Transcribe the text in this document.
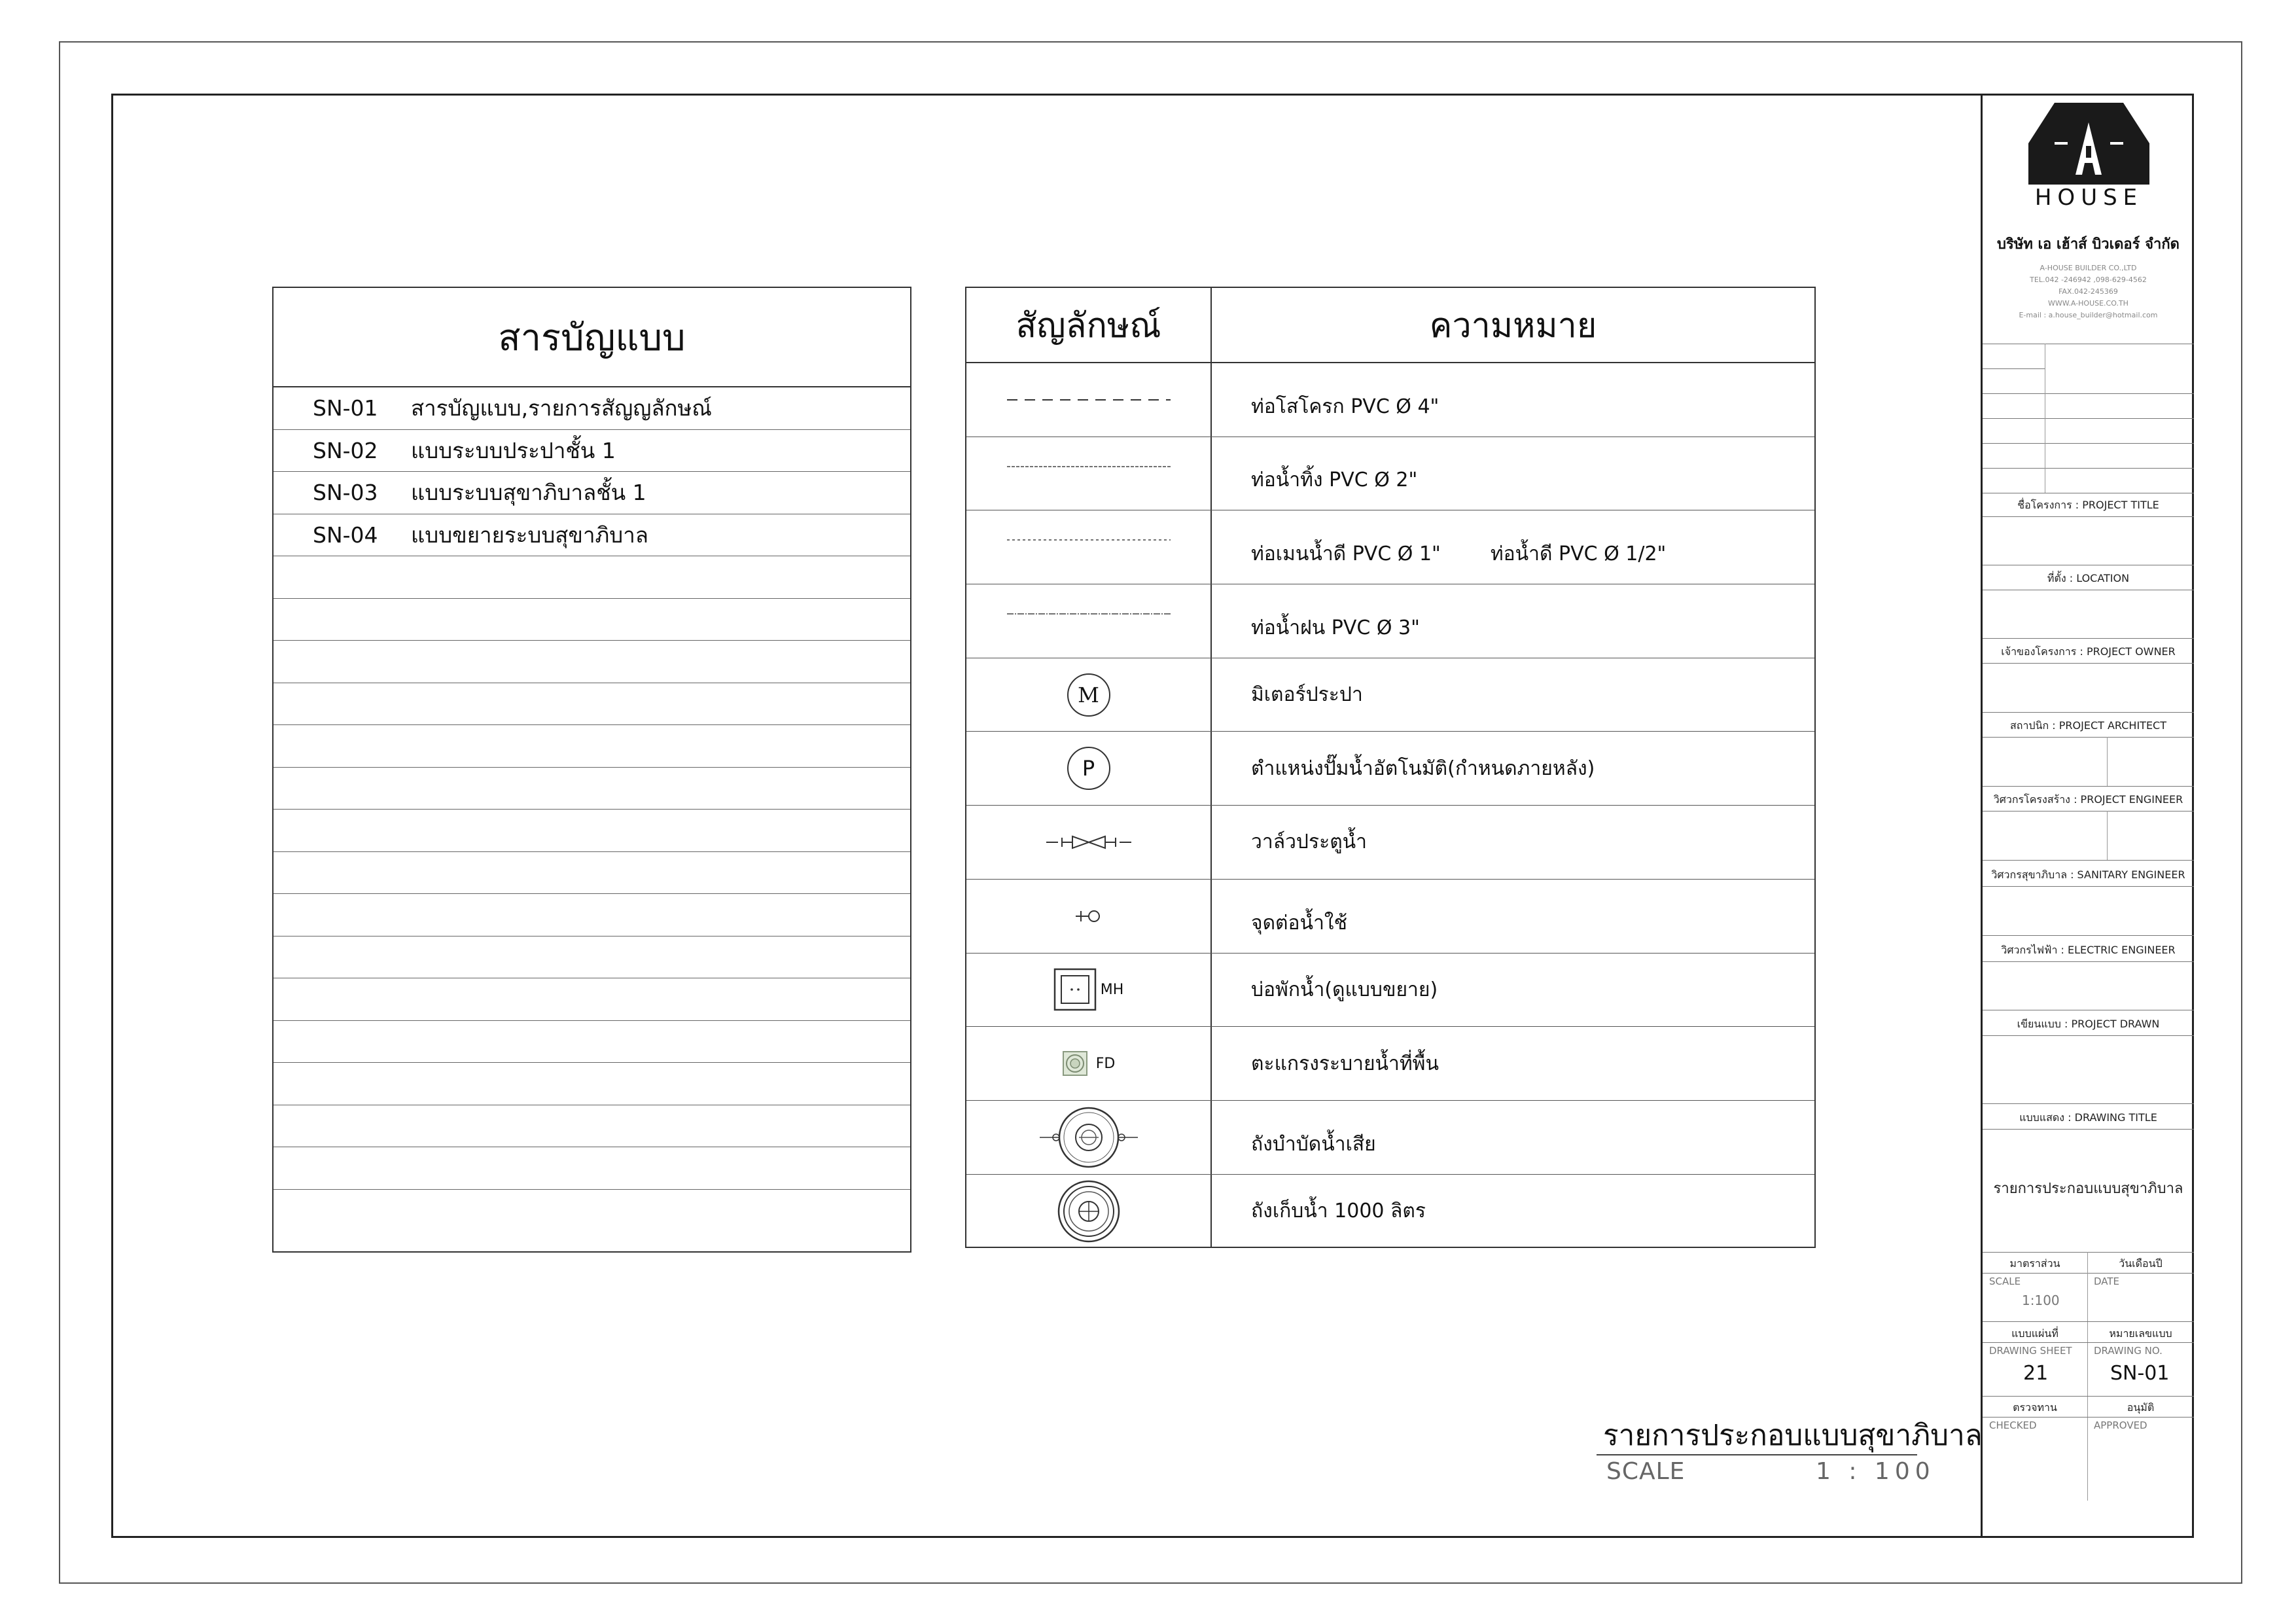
สารบัญแบบ
SN-01	สารบัญแบบ,รายการสัญญลักษณ์
SN-02	แบบระบบประปาชั้น 1
SN-03	แบบระบบสุขาภิบาลชั้น 1
SN-04	แบบขยายระบบสุขาภิบาล
สัญลักษณ์	ความหมาย
ท่อโสโครก PVC Ø 4"
ท่อน้ำทิ้ง PVC Ø 2"
ท่อเมนน้ำดี PVC Ø 1"	ท่อน้ำดี PVC Ø 1/2"
ท่อน้ำฝน PVC Ø 3"
M	มิเตอร์ประปา
P	ตำแหน่งปั๊มน้ำอัตโนมัติ(กำหนดภายหลัง)
วาล์วประตูน้ำ
จุดต่อน้ำใช้
MH	บ่อพักน้ำ(ดูแบบขยาย)
FD	ตะแกรงระบายน้ำที่พื้น
ถังบำบัดน้ำเสีย
ถังเก็บน้ำ 1000 ลิตร
รายการประกอบแบบสุขาภิบาล
SCALE	1 : 100
HOUSE
บริษัท เอ เฮ้าส์ บิวเดอร์ จำกัด
A-HOUSE BUILDER CO.,LTD
TEL.042 -246942 ,098-629-4562
FAX.042-245369
WWW.A-HOUSE.CO.TH
E-mail : a.house_builder@hotmail.com
ชื่อโครงการ : PROJECT TITLE
ที่ตั้ง : LOCATION
เจ้าของโครงการ : PROJECT OWNER
สถาปนิก : PROJECT ARCHITECT
วิศวกรโครงสร้าง : PROJECT ENGINEER
วิศวกรสุขาภิบาล : SANITARY ENGINEER
วิศวกรไฟฟ้า : ELECTRIC ENGINEER
เขียนแบบ : PROJECT DRAWN
แบบแสดง : DRAWING TITLE
รายการประกอบแบบสุขาภิบาล
มาตราส่วน	วันเดือนปี
SCALE	DATE
1:100
แบบแผ่นที่	หมายเลขแบบ
DRAWING SHEET DRAWING NO.
21	SN-01
ตรวจทาน	อนุมัติ
CHECKED	APPROVED
